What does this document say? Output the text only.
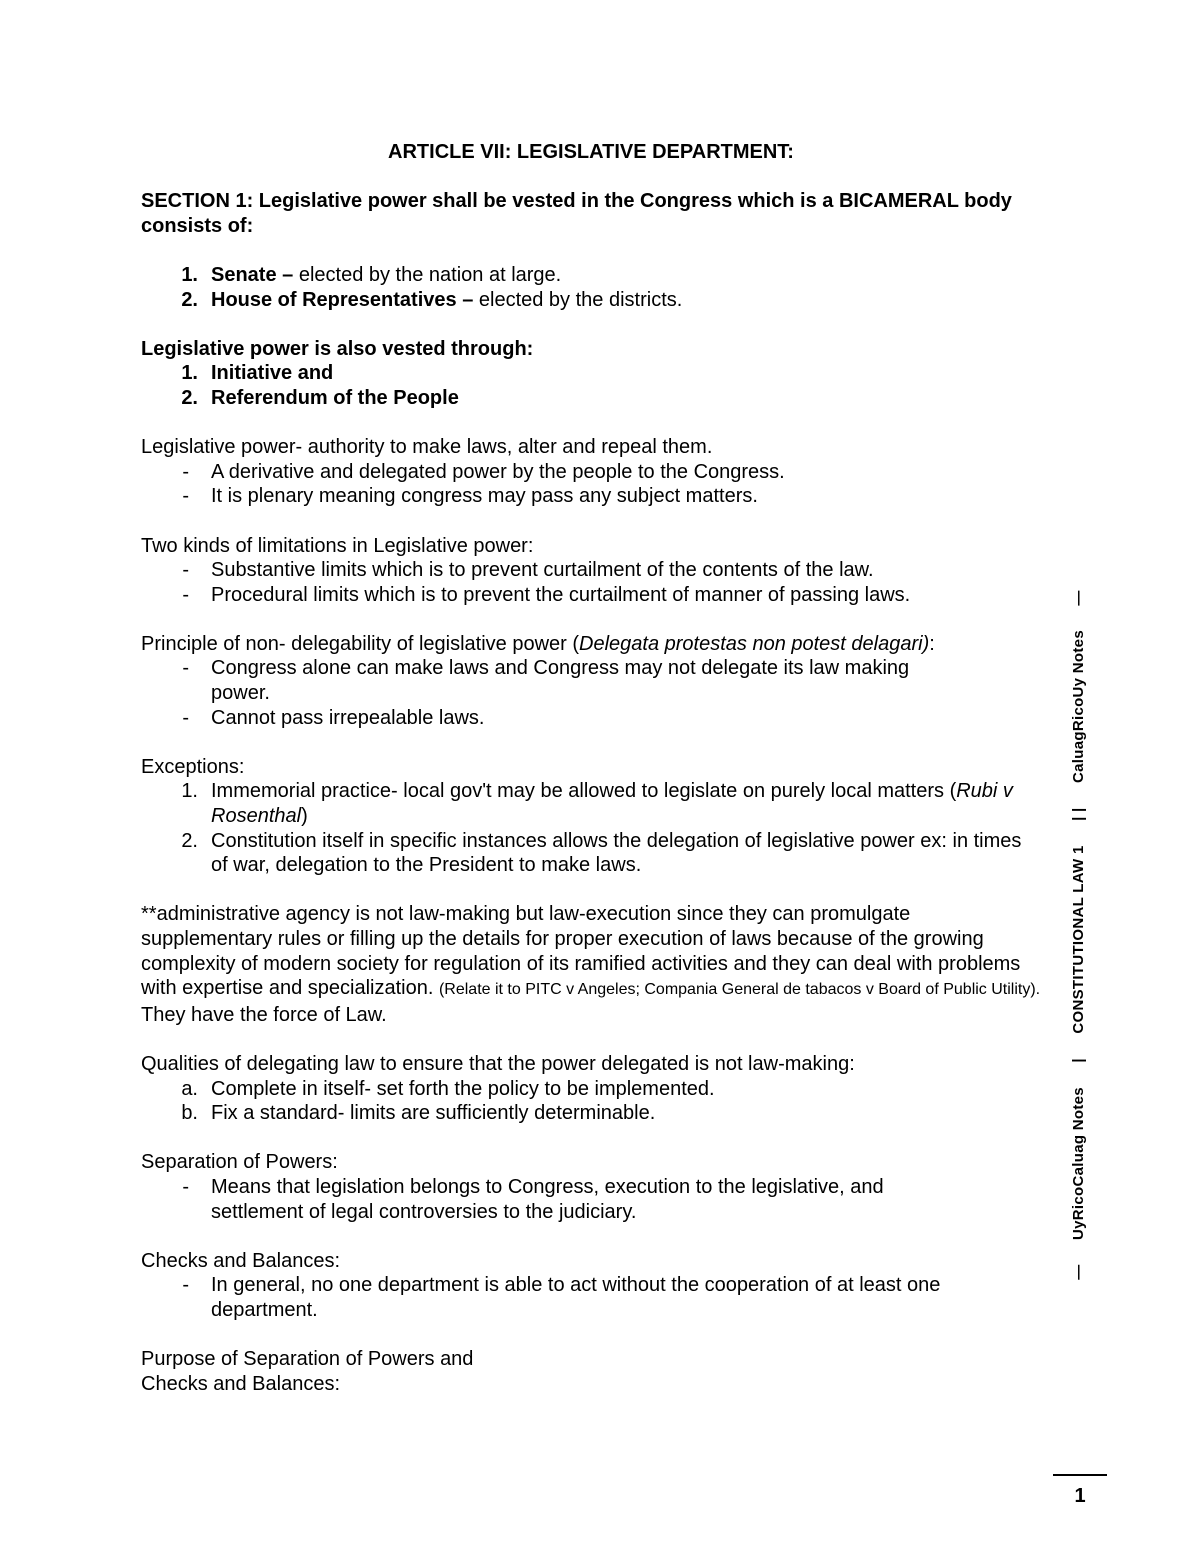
ARTICLE VII: LEGISLATIVE DEPARTMENT:

SECTION 1: Legislative power shall be vested in the Congress which is a BICAMERAL body consists of:

1. Senate – elected by the nation at large.
2. House of Representatives – elected by the districts.

Legislative power is also vested through:

1. Initiative and
2. Referendum of the People

Legislative power- authority to make laws, alter and repeal them.

-	A derivative and delegated power by the people to the Congress.
-	It is plenary meaning congress may pass any subject matters.

Two kinds of limitations in Legislative power:

-	Substantive limits which is to prevent curtailment of the contents of the law.
-	Procedural limits which is to prevent the curtailment of manner of passing laws.

Principle of non- delegability of legislative power (Delegata protestas non potest delagari):

-	Congress alone can make laws and Congress may not delegate its law making power.
-	Cannot pass irrepealable laws.

Exceptions:

1. Immemorial practice- local gov't may be allowed to legislate on purely local matters (Rubi v Rosenthal)
2. Constitution itself in specific instances allows the delegation of legislative power ex: in times of war, delegation to the President to make laws.

**administrative agency is not law-making but law-execution since they can promulgate supplementary rules or filling up the details for proper execution of laws because of the growing complexity of modern society for regulation of its ramified activities and they can deal with problems with expertise and specialization. (Relate it to PITC v Angeles; Compania General de tabacos v Board of Public Utility). They have the force of Law.

Qualities of delegating law to ensure that the power delegated is not law-making:

a. Complete in itself- set forth the policy to be implemented.
b. Fix a standard- limits are sufficiently determinable.

Separation of Powers:

-	Means that legislation belongs to Congress, execution to the legislative, and settlement of legal controversies to the judiciary.

Checks and Balances:

-	In general, no one department is able to act without the cooperation of at least one department.

Purpose of Separation of Powers and

Checks and Balances:

— UyRicoCaluag Notes | CONSTITUTIONAL LAW 1 | | CaluagRicoUy Notes —
1
